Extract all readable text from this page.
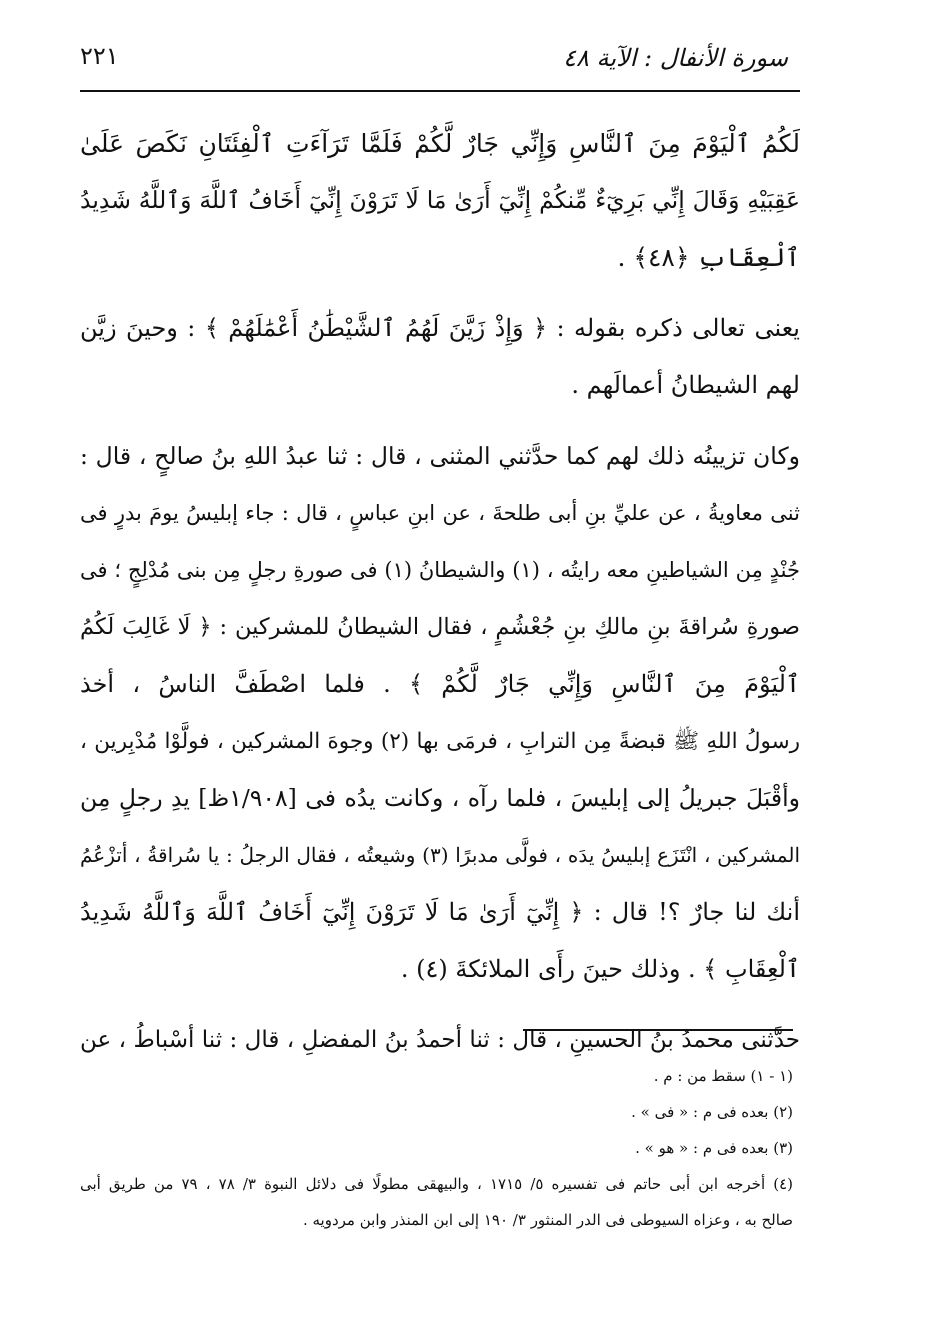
سورة الأنفال : الآية ٤٨
٢٢١
لَكُمُ ٱلْيَوْمَ مِنَ ٱلنَّاسِ وَإِنِّي جَارٌ لَّكُمْ فَلَمَّا تَرَآءَتِ ٱلْفِئَتَانِ نَكَصَ عَلَىٰ
عَقِبَيْهِ وَقَالَ إِنِّي بَرِيٓءٌ مِّنكُمْ إِنِّيٓ أَرَىٰ مَا لَا تَرَوْنَ إِنِّيٓ أَخَافُ ٱللَّهَ وَٱللَّهُ شَدِيدُ
ٱلْعِقَابِ ﴿٤٨﴾ .
يعنى تعالى ذكره بقوله : ﴿ وَإِذْ زَيَّنَ لَهُمُ ٱلشَّيْطَٰنُ أَعْمَٰلَهُمْ ﴾ : وحينَ زيَّن
لهم الشيطانُ أعمالَهم .
وكان تزيينُه ذلك لهم كما حدَّثني المثنى ، قال : ثنا عبدُ اللهِ بنُ صالحٍ ، قال :
ثنى معاويةُ ، عن عليِّ بنِ أبى طلحةَ ، عن ابنِ عباسٍ ، قال : جاء إبليسُ يومَ بدرٍ فى
جُنْدٍ مِن الشياطينِ معه رايتُه ، (١) والشيطانُ (١) فى صورةِ رجلٍ مِن بنى مُدْلِجٍ ؛ فى
صورةِ سُراقةَ بنِ مالكِ بنِ جُعْشُمٍ ، فقال الشيطانُ للمشركين : ﴿ لَا غَالِبَ لَكُمُ
ٱلْيَوْمَ مِنَ ٱلنَّاسِ وَإِنِّي جَارٌ لَّكُمْ ﴾ . فلما اصْطَفَّ الناسُ ، أخذ
رسولُ اللهِ ﷺ قبضةً مِن الترابِ ، فرمَى بها (٢) وجوهَ المشركين ، فولَّوْا مُدْبِرين ،
وأقْبَلَ جبريلُ إلى إبليسَ ، فلما رآه ، وكانت يدُه فى [١/٩٠٨ظ] يدِ رجلٍ مِن
المشركين ، انْتَزَع إبليسُ يدَه ، فولَّى مدبرًا (٣) وشيعتُه ، فقال الرجلُ : يا سُراقةُ ، أتزْعُمُ
أنك لنا جارٌ ؟! قال : ﴿ إِنِّيٓ أَرَىٰ مَا لَا تَرَوْنَ إِنِّيٓ أَخَافُ ٱللَّهَ وَٱللَّهُ شَدِيدُ
ٱلْعِقَابِ ﴾ . وذلك حينَ رأَى الملائكةَ (٤) .
حدَّثنى محمدُ بنُ الحسينِ ، قال : ثنا أحمدُ بنُ المفضلِ ، قال : ثنا أسْباطُ ، عن
(١ - ١) سقط من : م .
(٢) بعده فى م : « فى » .
(٣) بعده فى م : « هو » .
(٤) أخرجه ابن أبى حاتم فى تفسيره ٥/ ١٧١٥ ، والبيهقى مطولًا فى دلائل النبوة ٣/ ٧٨ ، ٧٩ من طريق أبى
صالح به ، وعزاه السيوطى فى الدر المنثور ٣/ ١٩٠ إلى ابن المنذر وابن مردويه .
